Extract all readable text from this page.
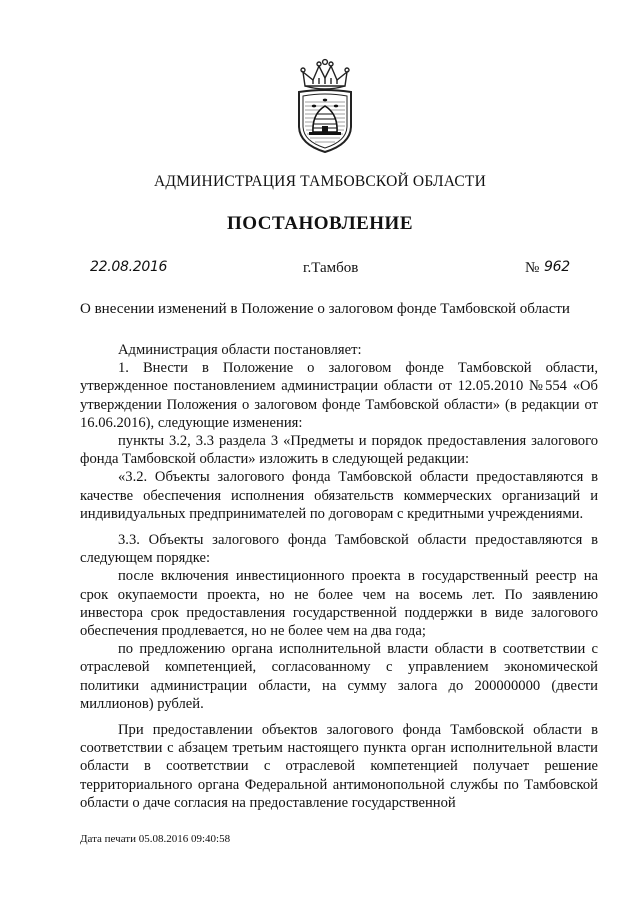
АДМИНИСТРАЦИЯ ТАМБОВСКОЙ ОБЛАСТИ
ПОСТАНОВЛЕНИЕ
22.08.2016	г.Тамбов	№ 962
О внесении изменений в Положение о залоговом фонде Тамбовской области

Администрация области постановляет:

1. Внести в Положение о залоговом фонде Тамбовской области, утвержденное постановлением администрации области от 12.05.2010 №554 «Об утверждении Положения о залоговом фонде Тамбовской области» (в редакции от 16.06.2016), следующие изменения:

пункты 3.2, 3.3 раздела 3 «Предметы и порядок предоставления залогового фонда Тамбовской области» изложить в следующей редакции:

«3.2. Объекты залогового фонда Тамбовской области предоставляются в качестве обеспечения исполнения обязательств коммерческих организаций и индивидуальных предпринимателей по договорам с кредитными учреждениями.

3.3. Объекты залогового фонда Тамбовской области предоставляются в следующем порядке:

после включения инвестиционного проекта в государственный реестр на срок окупаемости проекта, но не более чем на восемь лет. По заявлению инвестора срок предоставления государственной поддержки в виде залогового обеспечения продлевается, но не более чем на два года;

по предложению органа исполнительной власти области в соответствии с отраслевой компетенцией, согласованному с управлением экономической политики администрации области, на сумму залога до 200000000 (двести миллионов) рублей.

При предоставлении объектов залогового фонда Тамбовской области в соответствии с абзацем третьим настоящего пункта орган исполнительной власти области в соответствии с отраслевой компетенцией получает решение территориального органа Федеральной антимонопольной службы по Тамбовской области о даче согласия на предоставление государственной

Дата печати 05.08.2016 09:40:58
